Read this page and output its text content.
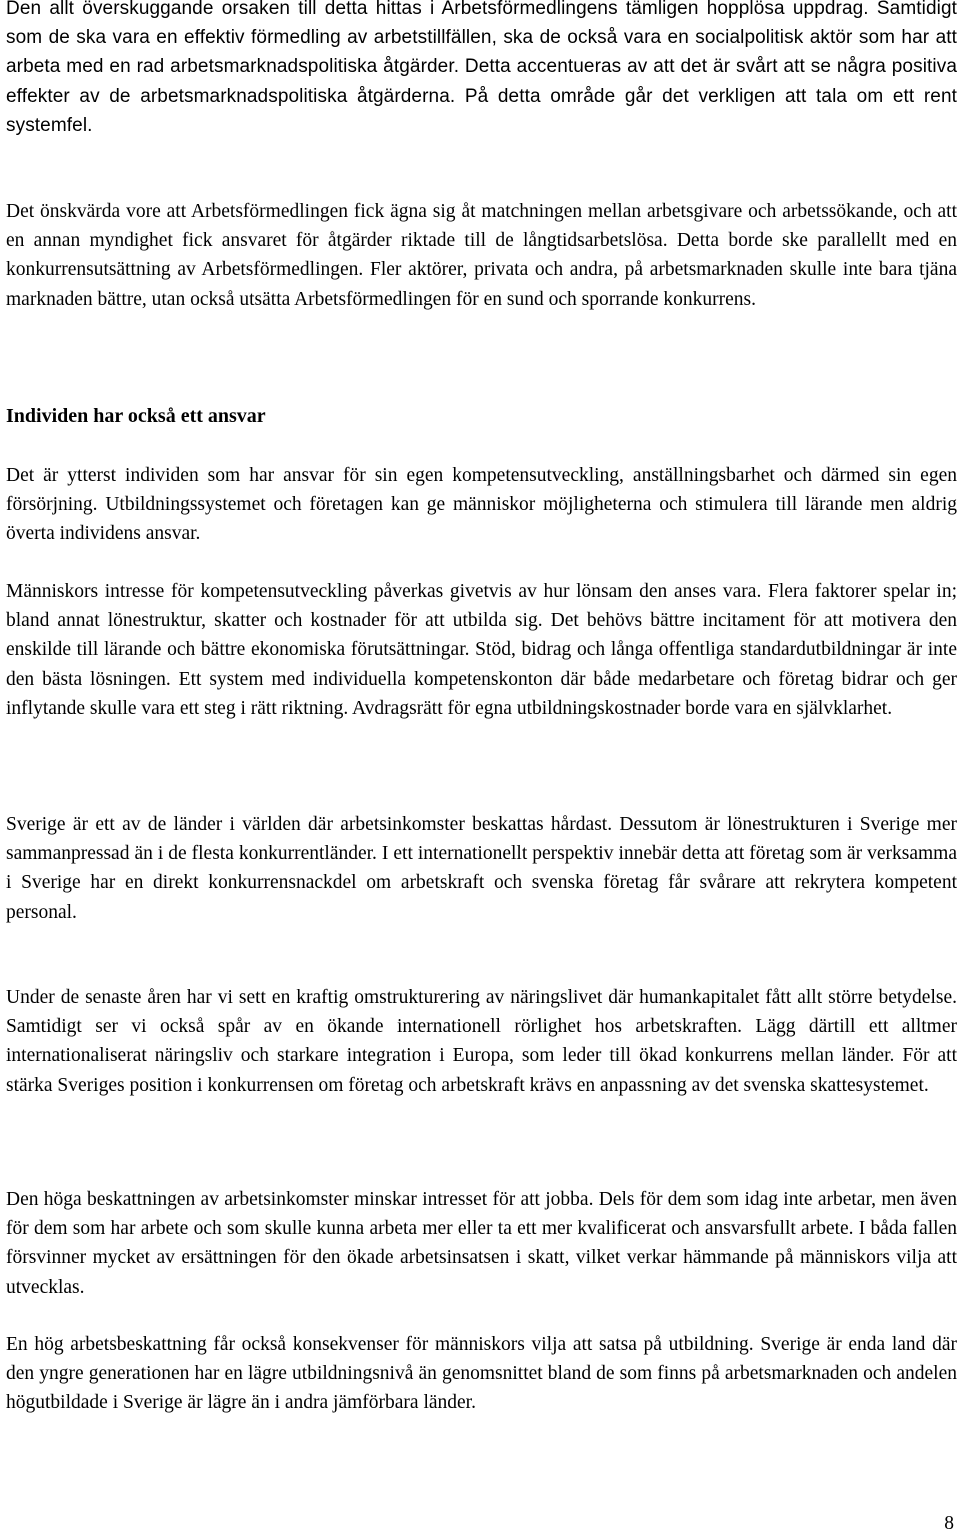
Den allt överskuggande orsaken till detta hittas i Arbetsförmedlingens tämligen hopplösa uppdrag. Samtidigt som de ska vara en effektiv förmedling av arbetstillfällen, ska de också vara en socialpolitisk aktör som har att arbeta med en rad arbetsmarknadspolitiska åtgärder. Detta accentueras av att det är svårt att se några positiva effekter av de arbetsmarknadspolitiska åtgärderna. På detta område går det verkligen att tala om ett rent systemfel.

Det önskvärda vore att Arbetsförmedlingen fick ägna sig åt matchningen mellan arbetsgivare och arbetssökande, och att en annan myndighet fick ansvaret för åtgärder riktade till de långtidsarbetslösa. Detta borde ske parallellt med en konkurrensutsättning av Arbetsförmedlingen. Fler aktörer, privata och andra, på arbetsmarknaden skulle inte bara tjäna marknaden bättre, utan också utsätta Arbetsförmedlingen för en sund och sporrande konkurrens.

Individen har också ett ansvar

Det är ytterst individen som har ansvar för sin egen kompetensutveckling, anställningsbarhet och därmed sin egen försörjning. Utbildningssystemet och företagen kan ge människor möjligheterna och stimulera till lärande men aldrig överta individens ansvar.

Människors intresse för kompetensutveckling påverkas givetvis av hur lönsam den anses vara. Flera faktorer spelar in; bland annat lönestruktur, skatter och kostnader för att utbilda sig. Det behövs bättre incitament för att motivera den enskilde till lärande och bättre ekonomiska förutsättningar. Stöd, bidrag och långa offentliga standardutbildningar är inte den bästa lösningen. Ett system med individuella kompetenskonton där både medarbetare och företag bidrar och ger inflytande skulle vara ett steg i rätt riktning. Avdragsrätt för egna utbildningskostnader borde vara en självklarhet.

Sverige är ett av de länder i världen där arbetsinkomster beskattas hårdast. Dessutom är lönestrukturen i Sverige mer sammanpressad än i de flesta konkurrentländer. I ett internationellt perspektiv innebär detta att företag som är verksamma i Sverige har en direkt konkurrensnackdel om arbetskraft och svenska företag får svårare att rekrytera kompetent personal.

Under de senaste åren har vi sett en kraftig omstrukturering av näringslivet där humankapitalet fått allt större betydelse. Samtidigt ser vi också spår av en ökande internationell rörlighet hos arbetskraften. Lägg därtill ett alltmer internationaliserat näringsliv och starkare integration i Europa, som leder till ökad konkurrens mellan länder. För att stärka Sveriges position i konkurrensen om företag och arbetskraft krävs en anpassning av det svenska skattesystemet.

Den höga beskattningen av arbetsinkomster minskar intresset för att jobba. Dels för dem som idag inte arbetar, men även för dem som har arbete och som skulle kunna arbeta mer eller ta ett mer kvalificerat och ansvarsfullt arbete. I båda fallen försvinner mycket av ersättningen för den ökade arbetsinsatsen i skatt, vilket verkar hämmande på människors vilja att utvecklas.

En hög arbetsbeskattning får också konsekvenser för människors vilja att satsa på utbildning. Sverige är enda land där den yngre generationen har en lägre utbildningsnivå än genomsnittet bland de som finns på arbetsmarknaden och andelen högutbildade i Sverige är lägre än i andra jämförbara länder.

8
